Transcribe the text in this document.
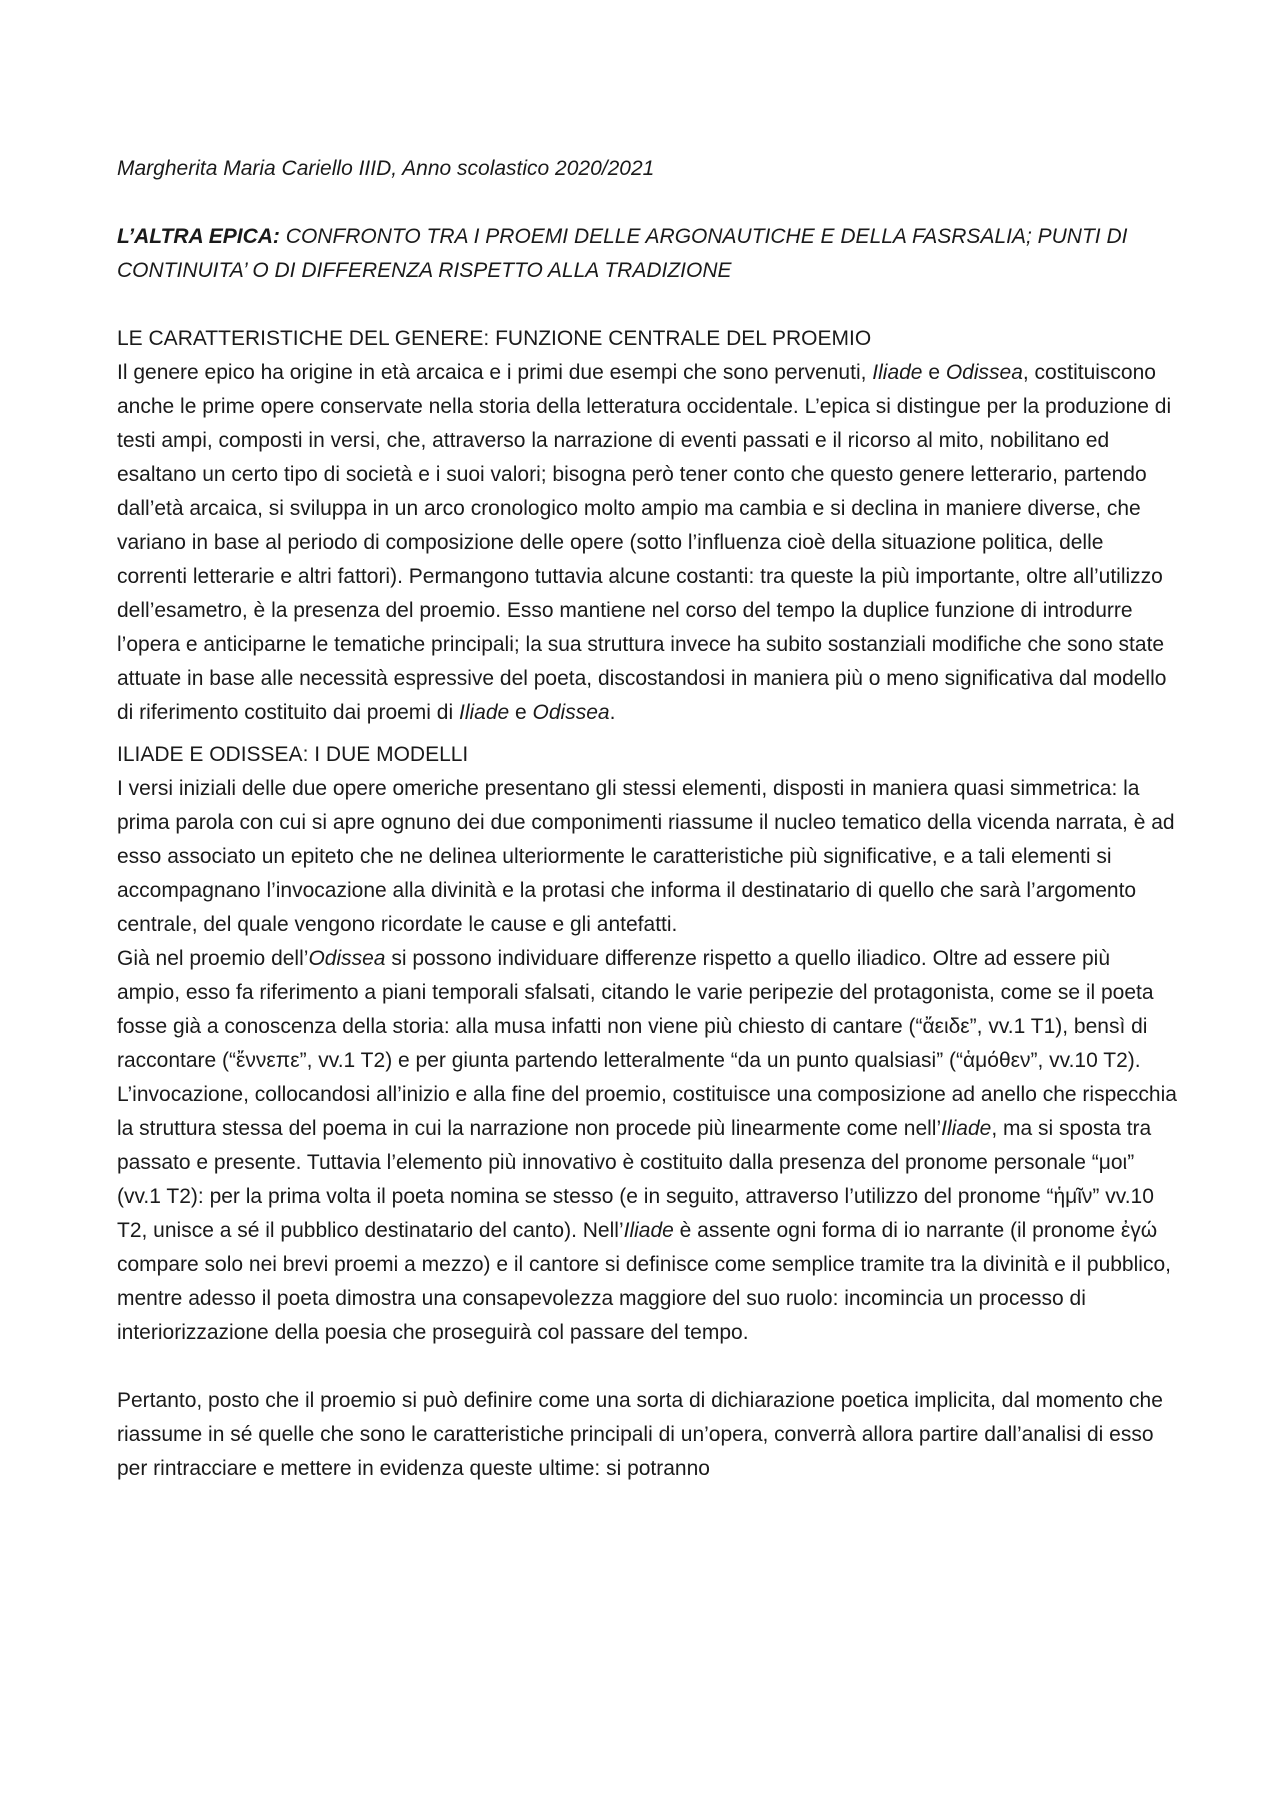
Margherita Maria Cariello IIID, Anno scolastico 2020/2021
L’ALTRA EPICA: CONFRONTO TRA I PROEMI DELLE ARGONAUTICHE E DELLA FASRSALIA; PUNTI DI
CONTINUITA’ O DI DIFFERENZA RISPETTO ALLA TRADIZIONE
LE CARATTERISTICHE DEL GENERE: FUNZIONE CENTRALE DEL PROEMIO

Il genere epico ha origine in età arcaica e i primi due esempi che sono pervenuti, Iliade e Odissea, costituiscono anche le prime opere conservate nella storia della letteratura occidentale. L’epica si distingue per la produzione di testi ampi, composti in versi, che, attraverso la narrazione di eventi passati e il ricorso al mito, nobilitano ed esaltano un certo tipo di società e i suoi valori; bisogna però tener conto che questo genere letterario, partendo dall’età arcaica, si sviluppa in un arco cronologico molto ampio ma cambia e si declina in maniere diverse, che variano in base al periodo di composizione delle opere (sotto l’influenza cioè della situazione politica, delle correnti letterarie e altri fattori). Permangono tuttavia alcune costanti: tra queste la più importante, oltre all’utilizzo dell’esametro, è la presenza del proemio. Esso mantiene nel corso del tempo la duplice funzione di introdurre l’opera e anticiparne le tematiche principali; la sua struttura invece ha subito sostanziali modifiche che sono state attuate in base alle necessità espressive del poeta, discostandosi in maniera più o meno significativa dal modello di riferimento costituito dai proemi di Iliade e Odissea.

ILIADE E ODISSEA: I DUE MODELLI

I versi iniziali delle due opere omeriche presentano gli stessi elementi, disposti in maniera quasi simmetrica: la prima parola con cui si apre ognuno dei due componimenti riassume il nucleo tematico della vicenda narrata, è ad esso associato un epiteto che ne delinea ulteriormente le caratteristiche più significative, e a tali elementi si accompagnano l’invocazione alla divinità e la protasi che informa il destinatario di quello che sarà l’argomento centrale, del quale vengono ricordate le cause e gli antefatti.

Già nel proemio dell’Odissea si possono individuare differenze rispetto a quello iliadico. Oltre ad essere più ampio, esso fa riferimento a piani temporali sfalsati, citando le varie peripezie del protagonista, come se il poeta fosse già a conoscenza della storia: alla musa infatti non viene più chiesto di cantare (“ἄειδε”, vv.1 T1), bensì di raccontare (“ἔννεπε”, vv.1 T2) e per giunta partendo letteralmente “da un punto qualsiasi” (“ἁμόθεν”, vv.10 T2). L’invocazione, collocandosi all’inizio e alla fine del proemio, costituisce una composizione ad anello che rispecchia la struttura stessa del poema in cui la narrazione non procede più linearmente come nell’Iliade, ma si sposta tra passato e presente. Tuttavia l’elemento più innovativo è costituito dalla presenza del pronome personale “μοι” (vv.1 T2): per la prima volta il poeta nomina se stesso (e in seguito, attraverso l’utilizzo del pronome “ἡμῖν” vv.10 T2, unisce a sé il pubblico destinatario del canto). Nell’Iliade è assente ogni forma di io narrante (il pronome ἐγώ compare solo nei brevi proemi a mezzo) e il cantore si definisce come semplice tramite tra la divinità e il pubblico, mentre adesso il poeta dimostra una consapevolezza maggiore del suo ruolo: incomincia un processo di interiorizzazione della poesia che proseguirà col passare del tempo.

Pertanto, posto che il proemio si può definire come una sorta di dichiarazione poetica implicita, dal momento che riassume in sé quelle che sono le caratteristiche principali di un’opera, converrà allora partire dall’analisi di esso per rintracciare e mettere in evidenza queste ultime: si potranno
